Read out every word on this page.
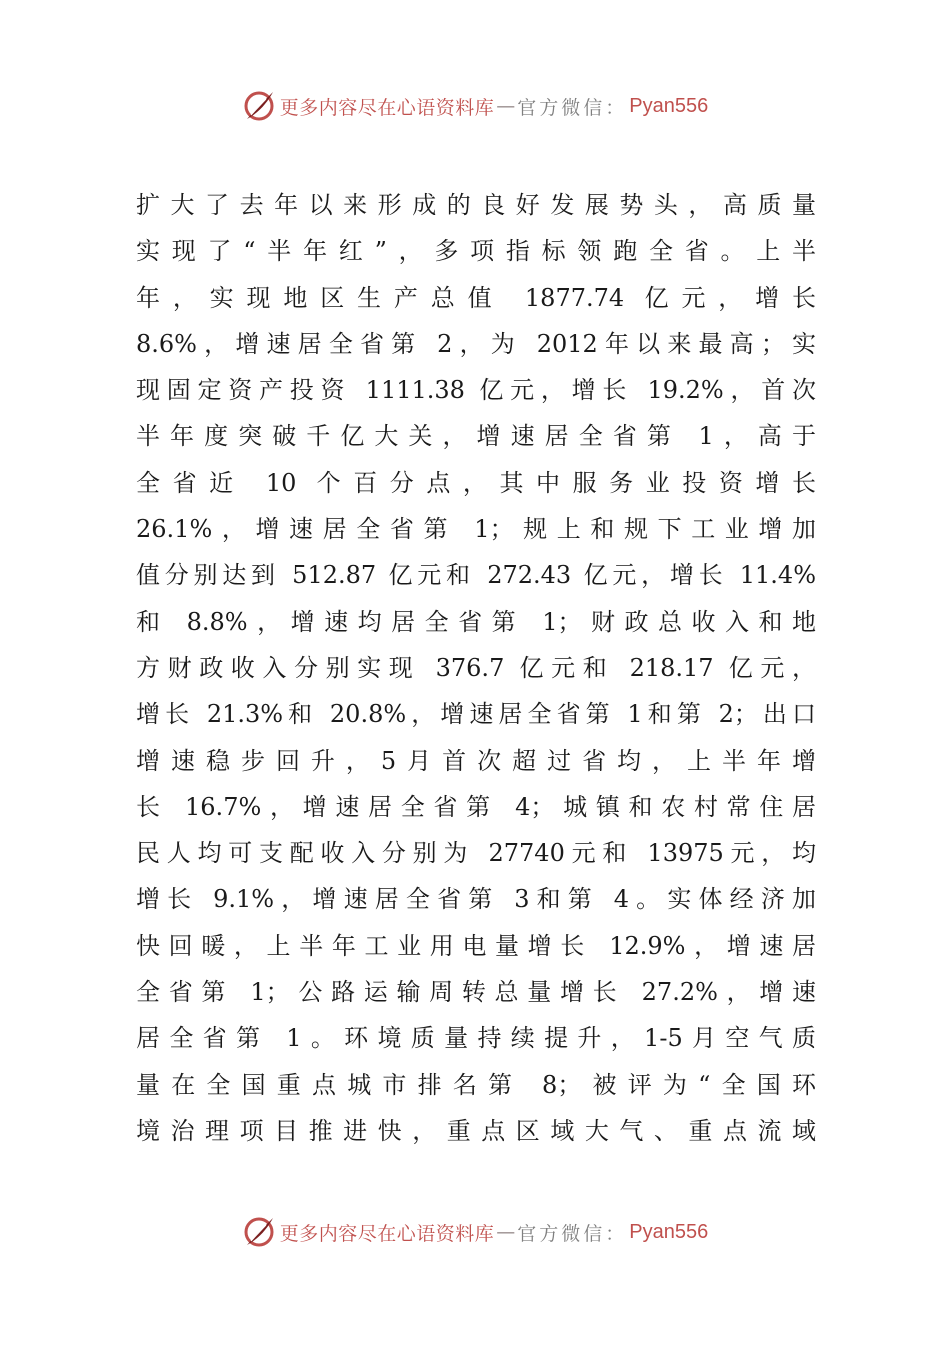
更多内容尽在心语资料库 — 官方微信： Pyan556
扩大了去年以来形成的良好发展势头，高质量
实现了“半年红”，多项指标领跑全省。上半
年，实现地区生产总值 1877.74 亿元，增长
8.6%，增速居全省第 2，为 2012年以来最高；实
现固定资产投资 1111.38 亿元，增长 19.2%，首次
半年度突破千亿大关，增速居全省第 1，高于
全省近 10 个百分点，其中服务业投资增长
26.1%，增速居全省第 1；规上和规下工业增加
值分别达到 512.87 亿元和 272.43 亿元，增长 11.4%
和 8.8%，增速均居全省第 1；财政总收入和地
方财政收入分别实现 376.7 亿元和 218.17 亿元，
增长 21.3%和 20.8%，增速居全省第 1和第 2；出口
增速稳步回升，5月首次超过省均，上半年增
长 16.7%，增速居全省第 4；城镇和农村常住居
民人均可支配收入分别为 27740元和 13975元，均
增长 9.1%，增速居全省第 3和第 4。实体经济加
快回暖，上半年工业用电量增长 12.9%，增速居
全省第 1；公路运输周转总量增长 27.2%，增速
居全省第 1。环境质量持续提升，1-5月空气质
量在全国重点城市排名第 8；被评为“全国环
境治理项目推进快，重点区域大气、重点流域
更多内容尽在心语资料库 — 官方微信： Pyan556
